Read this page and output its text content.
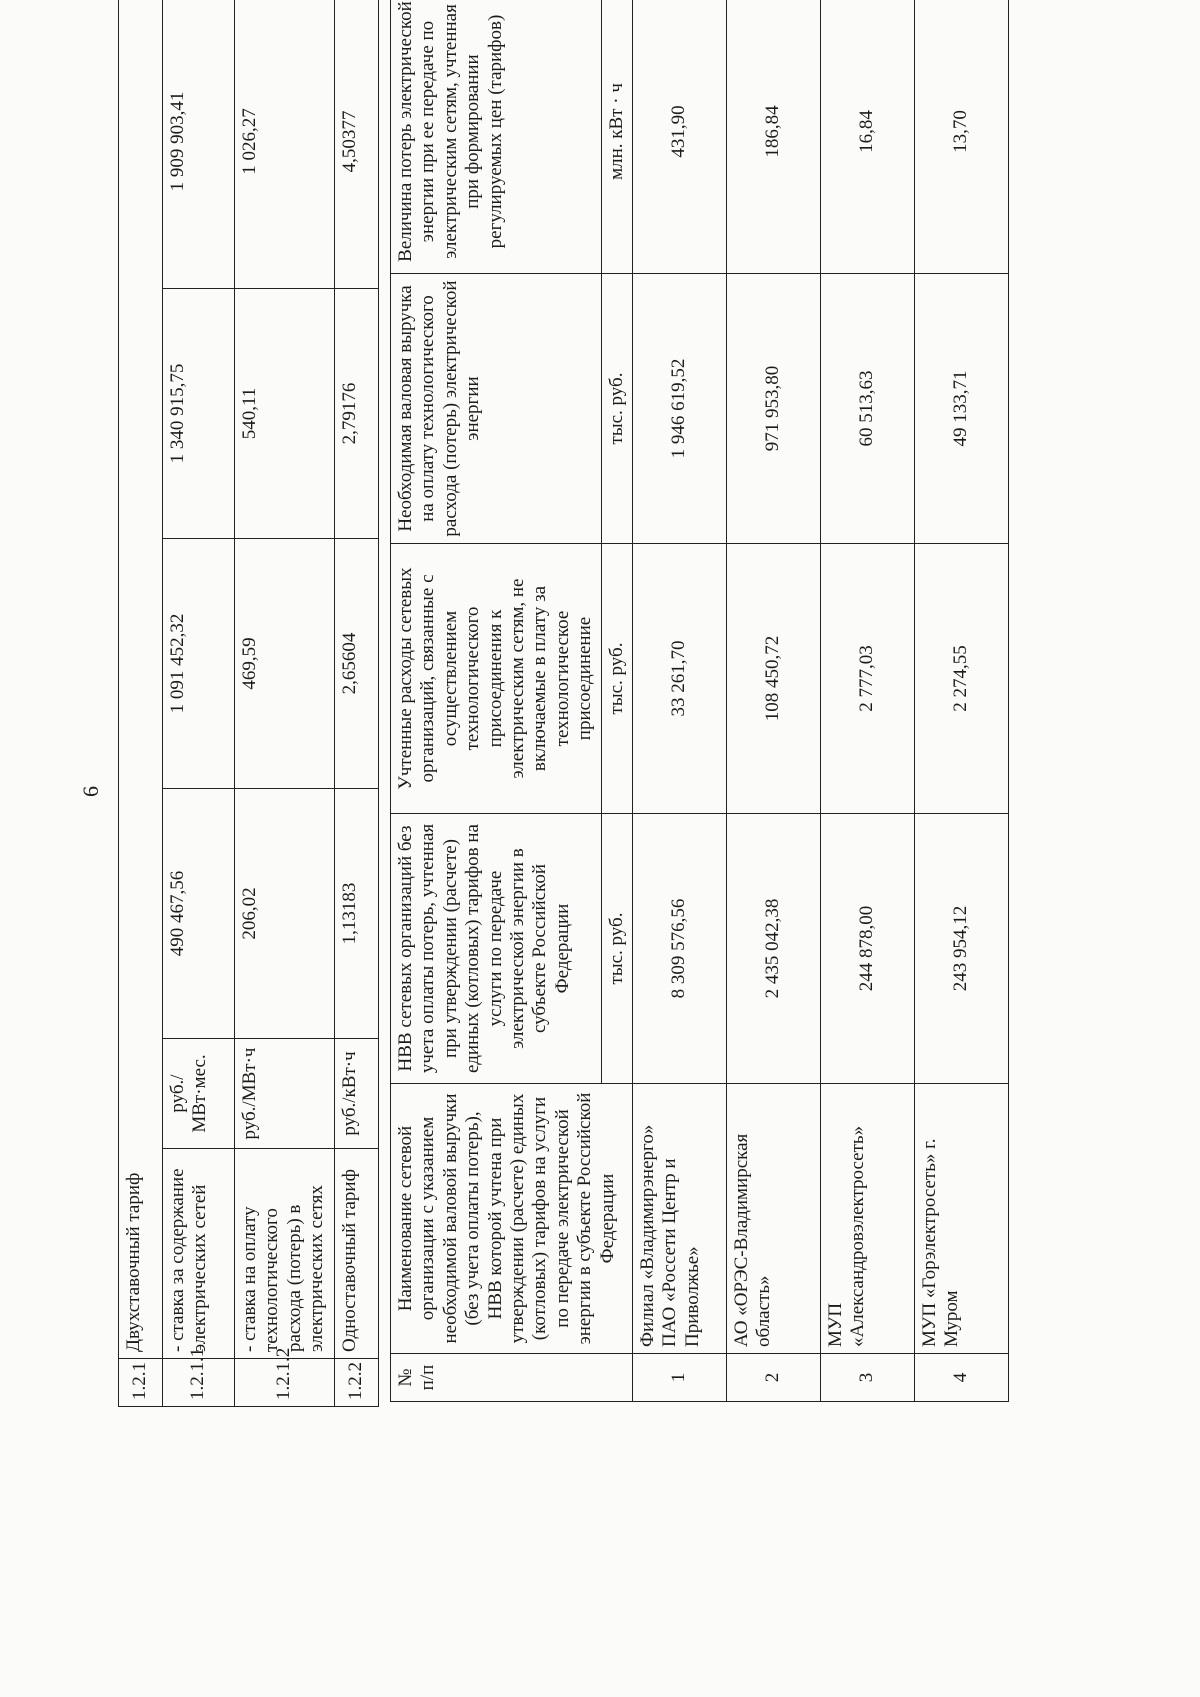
6
1.2.1	Двухставочный тариф					
1.2.1.1	- ставка за содержание электрических сетей	руб./ МВт·мес.	490 467,56	1 091 452,32	1 340 915,75	1 909 903,41
1.2.1.2	- ставка на оплату технологического расхода (потерь) в электрических сетях	руб./МВт·ч	206,02	469,59	540,11	1 026,27
1.2.2	Одноставочный тариф	руб./кВт·ч	1,13183	2,65604	2,79176	4,50377
№ п/п	Наименование сетевой организации с указанием необходимой валовой выручки (без учета оплаты потерь), НВВ которой учтена при утверждении (расчете) единых (котловых) тарифов на услуги по передаче электрической энергии в субъекте Российской Федерации	НВВ сетевых организаций без учета оплаты потерь, учтенная при утверждении (расчете) единых (котловых) тарифов на услуги по передаче электрической энергии в субъекте Российской Федерации	Учтенные расходы сетевых организаций, связанные с осуществлением технологического присоединения к электрическим сетям, не включаемые в плату за технологическое присоединение	Необходимая валовая выручка на оплату технологического расхода (потерь) электрической энергии	Величина потерь электрической энергии при ее передаче по электрическим сетям, учтенная при формировании регулируемых цен (тарифов)
		тыс. руб.	тыс. руб.	тыс. руб.	млн. кВт · ч
1	Филиал «Владимирэнерго» ПАО «Россети Центр и Приволжье»	8 309 576,56	33 261,70	1 946 619,52	431,90
2	АО «ОРЭС-Владимирская область»	2 435 042,38	108 450,72	971 953,80	186,84
3	МУП «Александровэлектросеть»	244 878,00	2 777,03	60 513,63	16,84
4	МУП «Горэлектросеть» г. Муром	243 954,12	2 274,55	49 133,71	13,70
